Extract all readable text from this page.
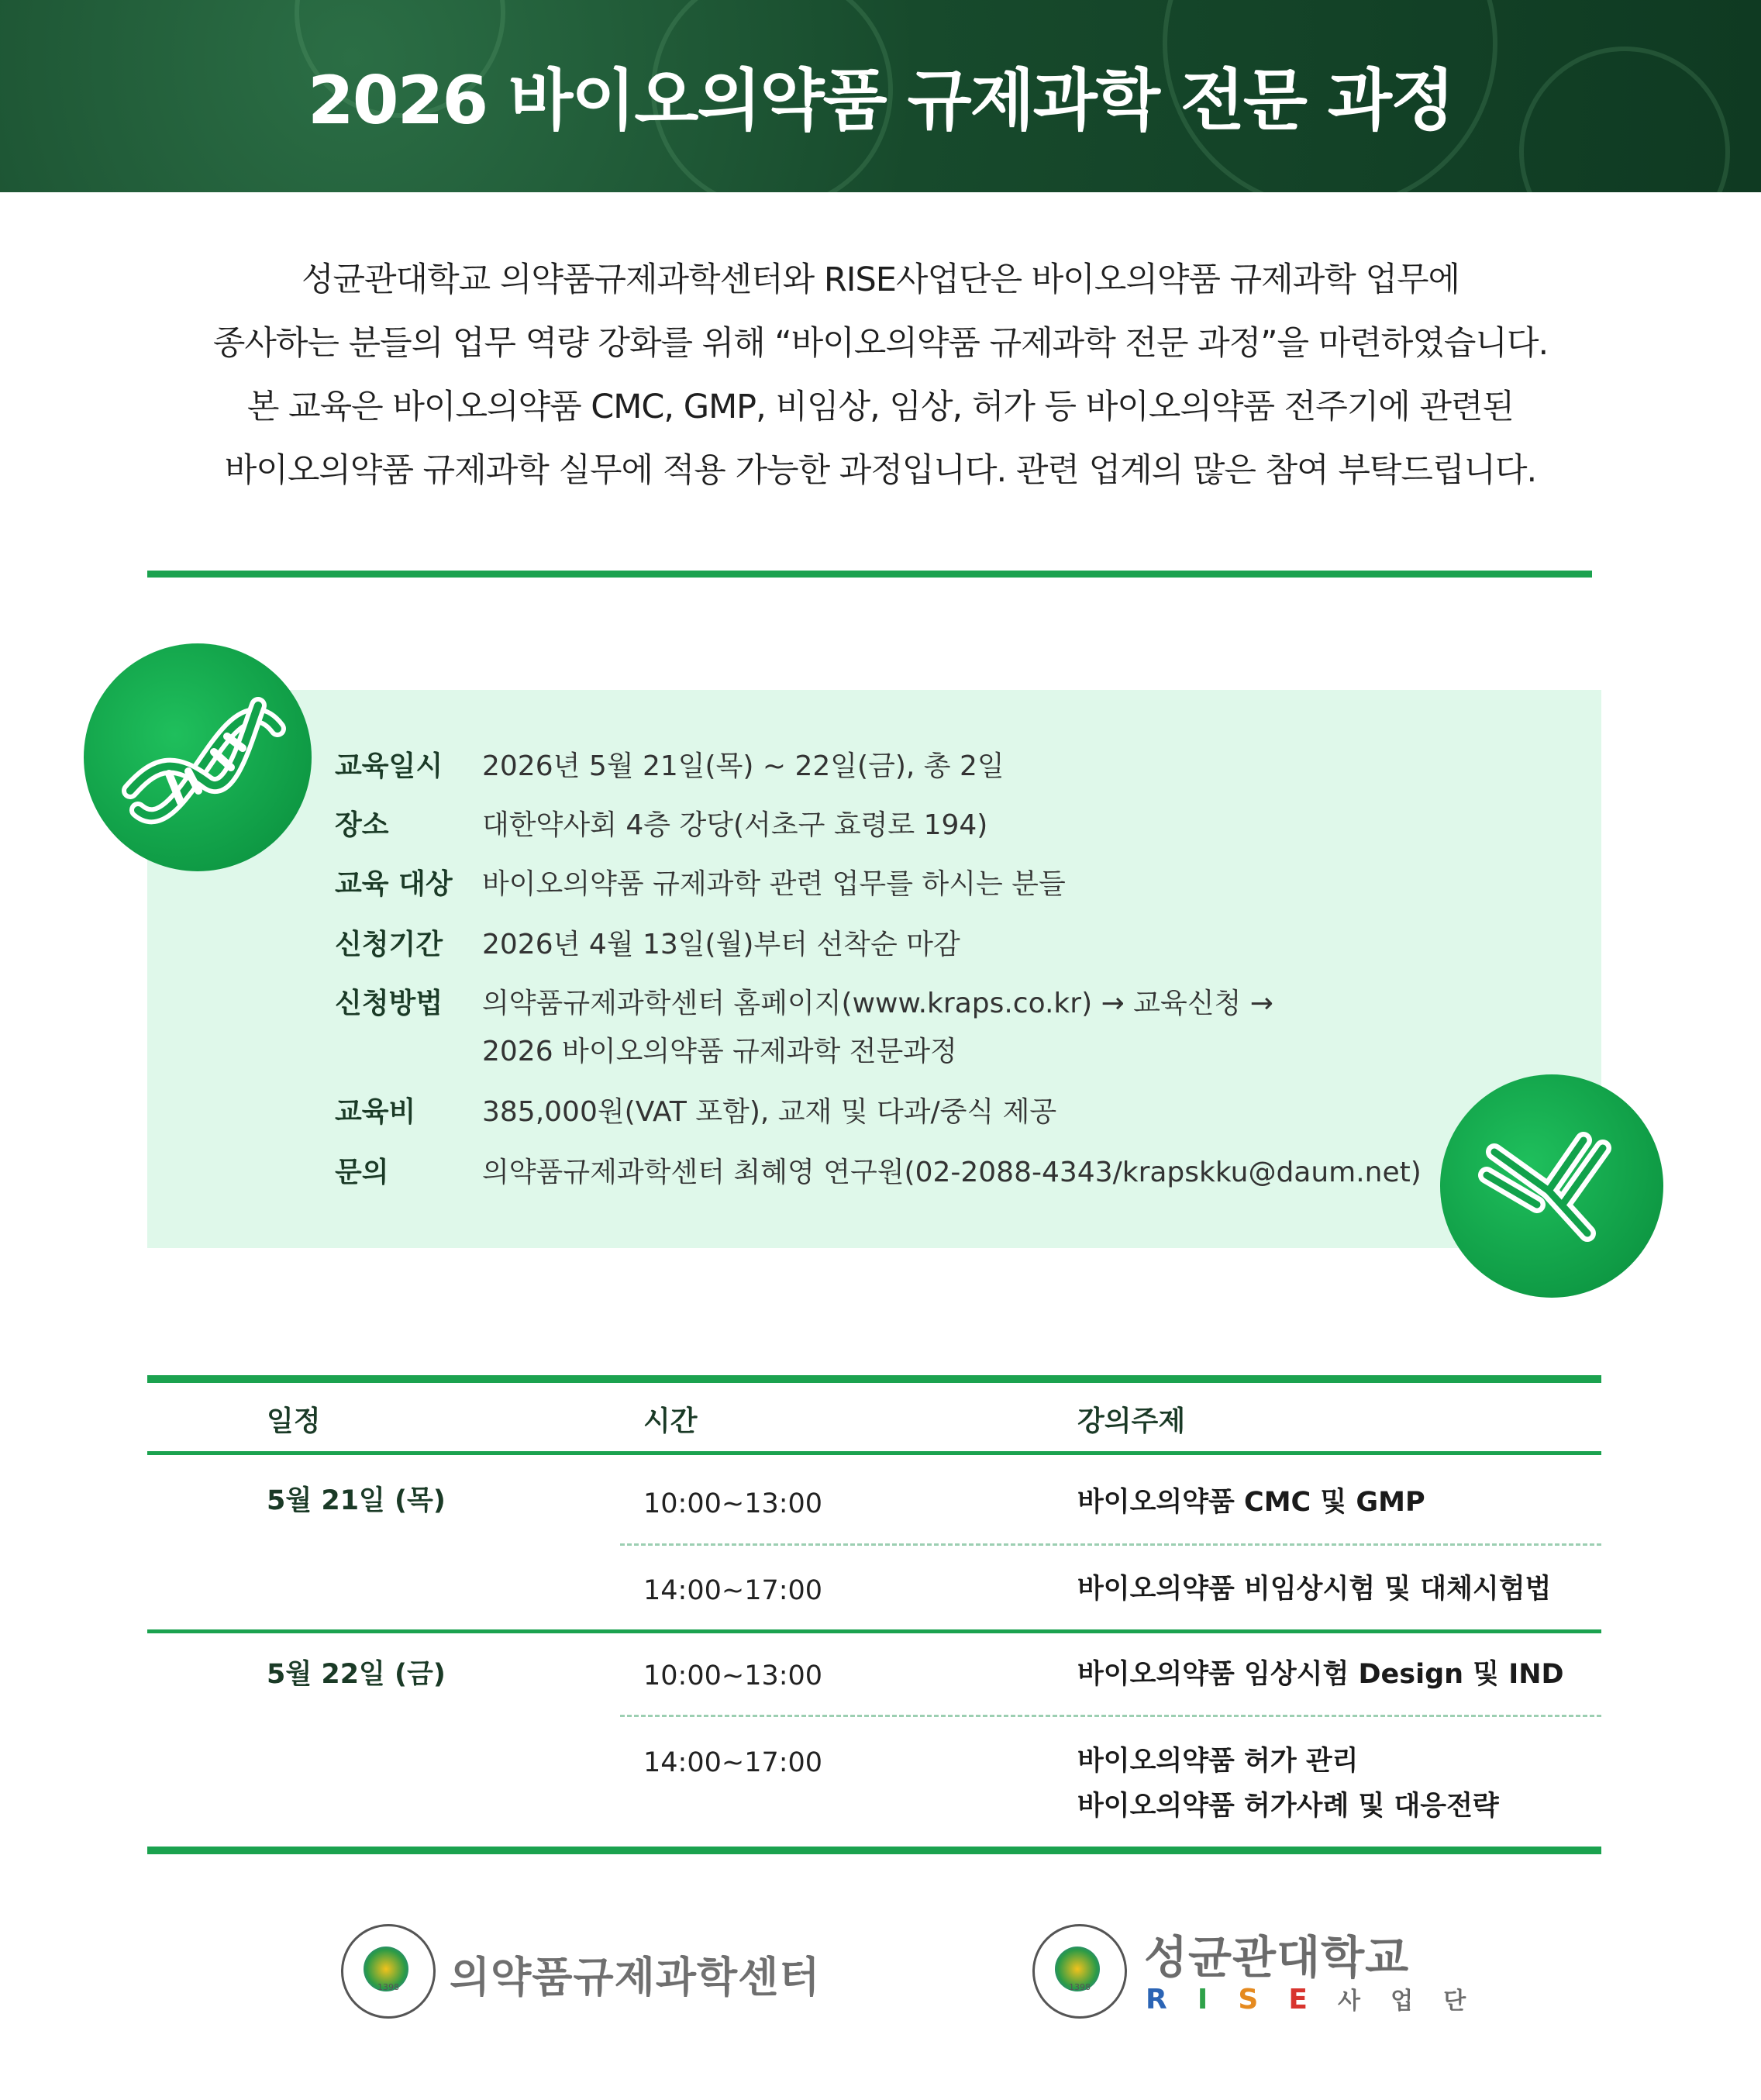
2026 바이오의약품 규제과학 전문 과정

성균관대학교 의약품규제과학센터와 RISE사업단은 바이오의약품 규제과학 업무에

종사하는 분들의 업무 역량 강화를 위해 “바이오의약품 규제과학 전문 과정”을 마련하였습니다.

본 교육은 바이오의약품 CMC, GMP, 비임상, 임상, 허가 등 바이오의약품 전주기에 관련된

바이오의약품 규제과학 실무에 적용 가능한 과정입니다. 관련 업계의 많은 참여 부탁드립니다.

교육일시	2026년 5월 21일(목) ~ 22일(금), 총 2일
장소	대한약사회 4층 강당(서초구 효령로 194)
교육 대상	바이오의약품 규제과학 관련 업무를 하시는 분들
신청기간	2026년 4월 13일(월)부터 선착순 마감
신청방법	의약품규제과학센터 홈페이지(www.kraps.co.kr) → 교육신청 →
2026 바이오의약품 규제과학 전문과정
교육비	385,000원(VAT 포함), 교재 및 다과/중식 제공
문의	의약품규제과학센터 최혜영 연구원(02-2088-4343/krapskku@daum.net)
일정	시간	강의주제
5월 21일 (목)	10:00~13:00	바이오의약품 CMC 및 GMP
14:00~17:00	바이오의약품 비임상시험 및 대체시험법
5월 22일 (금)	10:00~13:00	바이오의약품 임상시험 Design 및 IND
14:00~17:00	바이오의약품 허가 관리
바이오의약품 허가사례 및 대응전략
1398 의약품규제과학센터	1398
성균관대학교
R I S E 사 업 단
